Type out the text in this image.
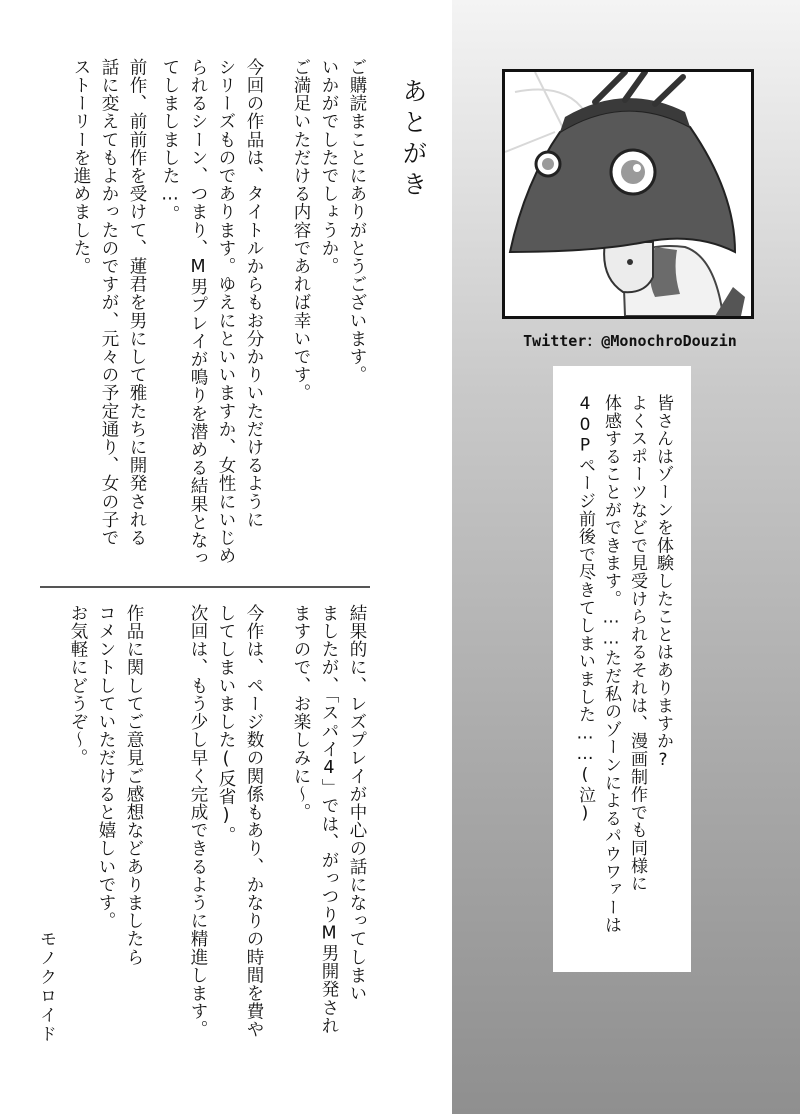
あとがき
ご購読まことにありがとうございます。
いかがでしたでしょうか。
ご満足いただける内容であれば幸いです。
今回の作品は、タイトルからもお分かりいただけるように
シリーズものであります。ゆえにといいますか、女性にいじめ
られるシーン、つまり、M男プレイが鳴りを潜める結果となっ
てしましました…。
前作、前前作を受けて、蓮君を男にして雅たちに開発される
話に変えてもよかったのですが、元々の予定通り、女の子で
ストーリーを進めました。
結果的に、レズプレイが中心の話になってしまい
ましたが、「スパイ4」では、がっつりM男開発され
ますので、お楽しみに〜。
今作は、ページ数の関係もあり、かなりの時間を費や
してしまいました(反省)。
次回は、もう少し早く完成できるように精進します。
作品に関してご意見ご感想などありましたら
コメントしていただけると嬉しいです。
お気軽にどうぞ〜。
モノクロイド
Twitter：@MonochroDouzin
皆さんはゾーンを体験したことはありますか?
よくスポーツなどで見受けられるそれは、漫画制作でも同様に
体感することができます。……ただ私のゾーンによるパウワァーは
40Pページ前後で尽きてしまいました……(泣)
